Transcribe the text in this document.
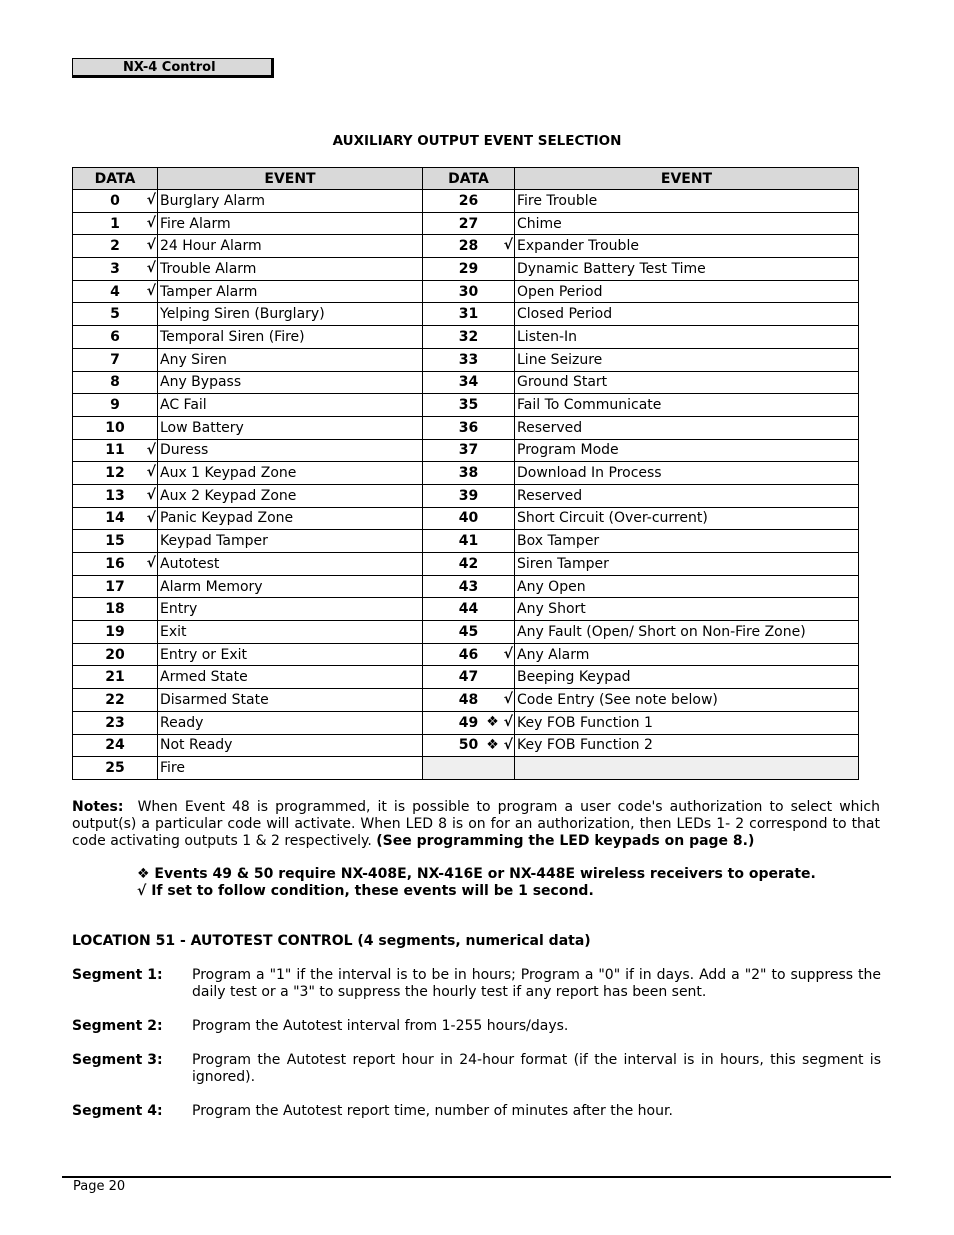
NX-4 Control
AUXILIARY OUTPUT EVENT SELECTION
DATA	EVENT	DATA	EVENT
0 √	Burglary Alarm	26	Fire Trouble
1 √	Fire Alarm	27	Chime
2 √	24 Hour Alarm	28 √	Expander Trouble
3 √	Trouble Alarm	29	Dynamic Battery Test Time
4 √	Tamper Alarm	30	Open Period
5	Yelping Siren (Burglary)	31	Closed Period
6	Temporal Siren (Fire)	32	Listen-In
7	Any Siren	33	Line Seizure
8	Any Bypass	34	Ground Start
9	AC Fail	35	Fail To Communicate
10	Low Battery	36	Reserved
11 √	Duress	37	Program Mode
12 √	Aux 1 Keypad Zone	38	Download In Process
13 √	Aux 2 Keypad Zone	39	Reserved
14 √	Panic Keypad Zone	40	Short Circuit (Over-current)
15	Keypad Tamper	41	Box Tamper
16 √	Autotest	42	Siren Tamper
17	Alarm Memory	43	Any Open
18	Entry	44	Any Short
19	Exit	45	Any Fault (Open/ Short on Non-Fire Zone)
20	Entry or Exit	46 √	Any Alarm
21	Armed State	47	Beeping Keypad
22	Disarmed State	48 √	Code Entry (See note below)
23	Ready	49 ❖ √	Key FOB Function 1
24	Not Ready	50 ❖ √	Key FOB Function 2
25	Fire		
Notes: When Event 48 is programmed, it is possible to program a user code's authorization to select which output(s) a particular code will activate. When LED 8 is on for an authorization, then LEDs 1- 2 correspond to that code activating outputs 1 & 2 respectively. (See programming the LED keypads on page 8.)
❖ Events 49 & 50 require NX-408E, NX-416E or NX-448E wireless receivers to operate.
√ If set to follow condition, these events will be 1 second.
LOCATION 51 - AUTOTEST CONTROL (4 segments, numerical data)
Segment 1: Program a "1" if the interval is to be in hours; Program a "0" if in days. Add a "2" to suppress the daily test or a "3" to suppress the hourly test if any report has been sent.
Segment 2: Program the Autotest interval from 1-255 hours/days.
Segment 3: Program the Autotest report hour in 24-hour format (if the interval is in hours, this segment is ignored).
Segment 4: Program the Autotest report time, number of minutes after the hour.
Page 20
